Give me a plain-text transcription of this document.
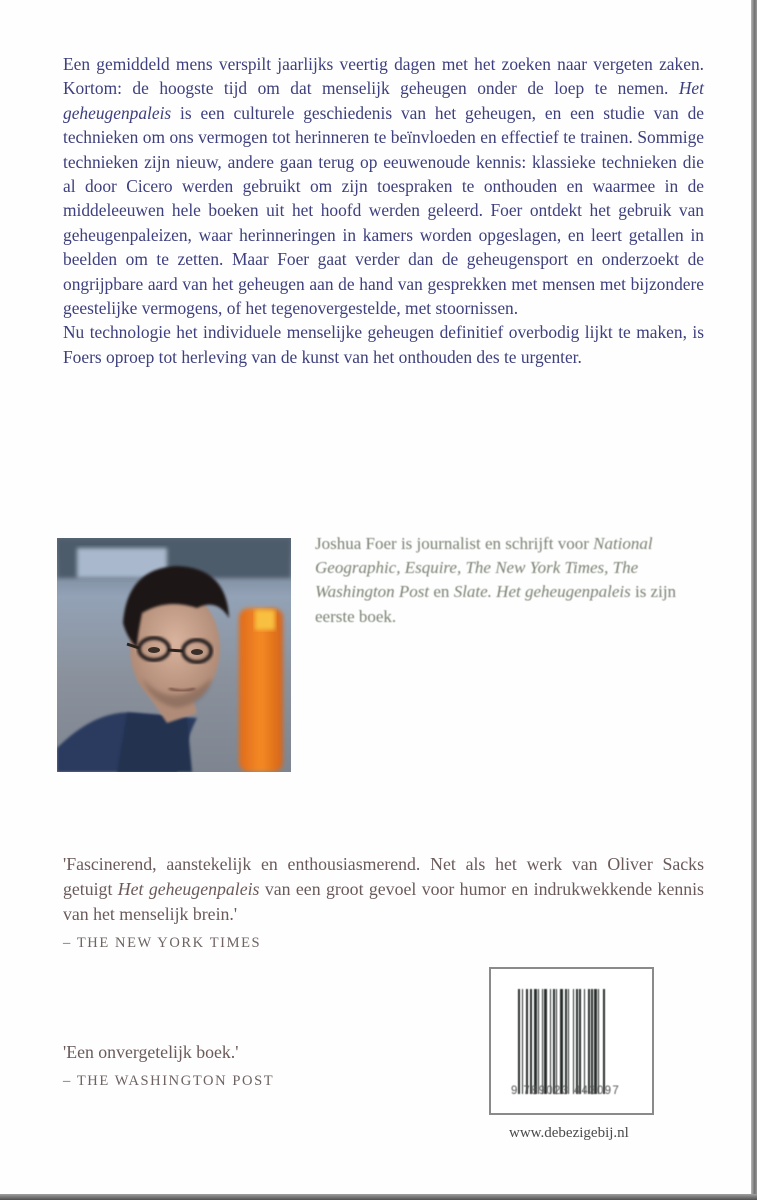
Een gemiddeld mens verspilt jaarlijks veertig dagen met het zoeken naar vergeten zaken. Kortom: de hoogste tijd om dat menselijk geheugen onder de loep te nemen. Het geheugenpaleis is een culturele geschiedenis van het geheugen, en een studie van de technieken om ons vermogen tot herinneren te beïnvloeden en effectief te trainen. Sommige technieken zijn nieuw, andere gaan terug op eeuwenoude kennis: klassieke technieken die al door Cicero werden gebruikt om zijn toespraken te onthouden en waarmee in de middeleeuwen hele boeken uit het hoofd werden geleerd. Foer ontdekt het gebruik van geheugenpaleizen, waar herinneringen in kamers worden opgeslagen, en leert getallen in beelden om te zetten. Maar Foer gaat verder dan de geheugensport en onderzoekt de ongrijpbare aard van het geheugen aan de hand van gesprekken met mensen met bijzondere geestelijke vermogens, of het tegenovergestelde, met stoornissen.

Nu technologie het individuele menselijke geheugen definitief overbodig lijkt te maken, is Foers oproep tot herleving van de kunst van het onthouden des te urgenter.

Joshua Foer is journalist en schrijft voor National Geographic, Esquire, The New York Times, The Washington Post en Slate. Het geheugenpaleis is zijn eerste boek.

'Fascinerend, aanstekelijk en enthousiasmerend. Net als het werk van Oliver Sacks getuigt Het geheugenpaleis van een groot gevoel voor humor en indrukwekkende kennis van het menselijk brein.'

– THE NEW YORK TIMES

'Een onvergetelijk boek.'

– THE WASHINGTON POST

9 789023 443097
www.debezigebij.nl
